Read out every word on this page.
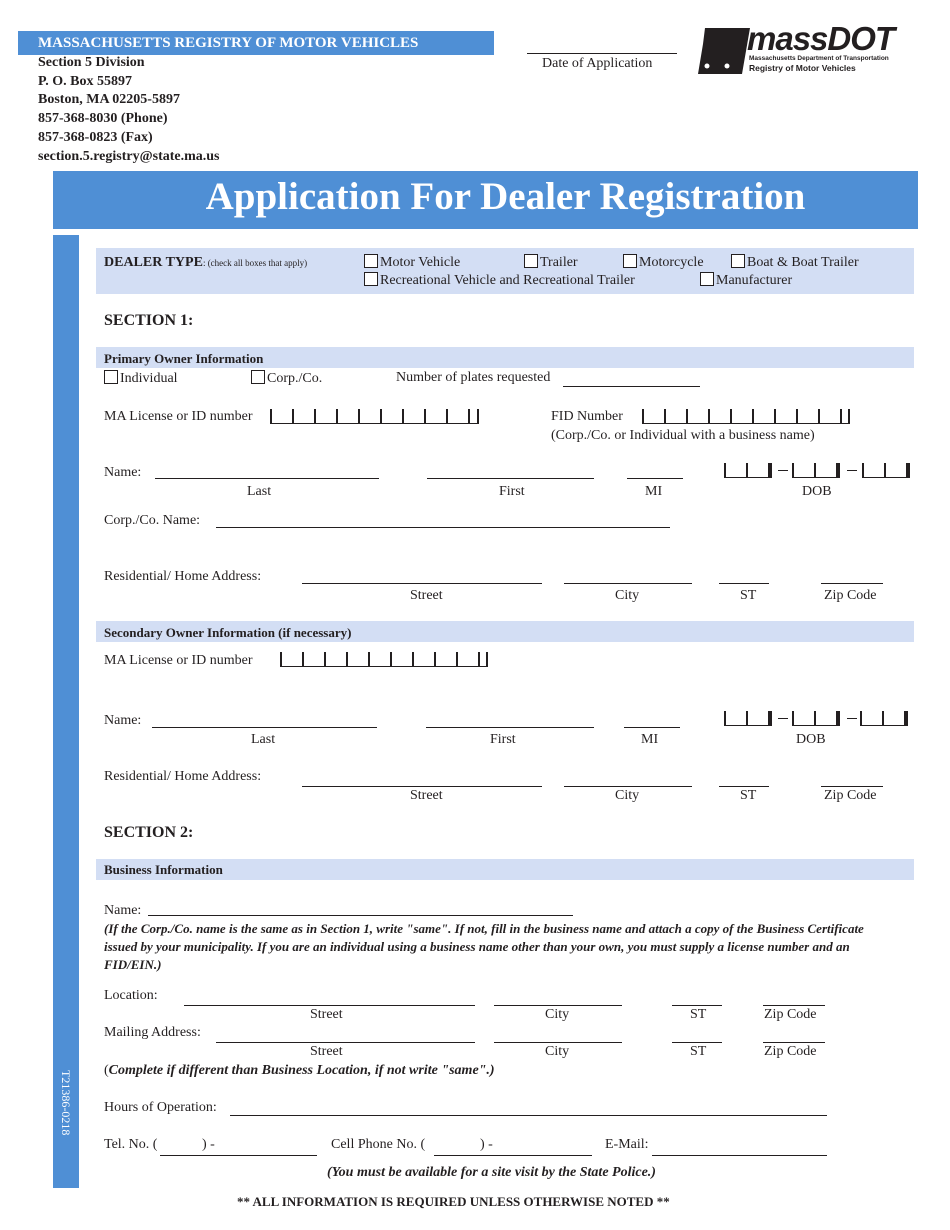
MASSACHUSETTS REGISTRY OF MOTOR VEHICLES
Section 5 Division
P. O. Box 55897
Boston, MA 02205-5897
857-368-8030 (Phone)
857-368-0823 (Fax)
section.5.registry@state.ma.us
Date of Application
massDOT
Massachusetts Department of Transportation
Registry of Motor Vehicles
Application For Dealer Registration
T21386-0218
DEALER TYPE: (check all boxes that apply)	Motor Vehicle	Trailer	Motorcycle	Boat & Boat Trailer
Recreational Vehicle and Recreational Trailer	Manufacturer
SECTION 1:
Primary Owner Information
Individual	Corp./Co.	Number of plates requested
MA License or ID number	FID Number
(Corp./Co. or Individual with a business name)
Name:
Last	First	MI	DOB
Corp./Co. Name:
Residential/ Home Address:
Street	City	ST	Zip Code
Secondary Owner Information (if necessary)
MA License or ID number
Name:
Last	First	MI	DOB
Residential/ Home Address:
Street	City	ST	Zip Code
SECTION 2:
Business Information
Name:
(If the Corp./Co. name is the same as in Section 1, write "same". If not, fill in the business name and attach a copy of the Business Certificate issued by your municipality. If you are an individual using a business name other than your own, you must supply a license number and an FID/EIN.)
Location:
Street	City	ST	Zip Code
Mailing Address:
Street	City	ST	Zip Code
(Complete if different than Business Location, if not write "same".)
Hours of Operation:
Tel. No. (	) -	Cell Phone No. (	) -	E-Mail:
(You must be available for a site visit by the State Police.)
** ALL INFORMATION IS REQUIRED UNLESS OTHERWISE NOTED **
